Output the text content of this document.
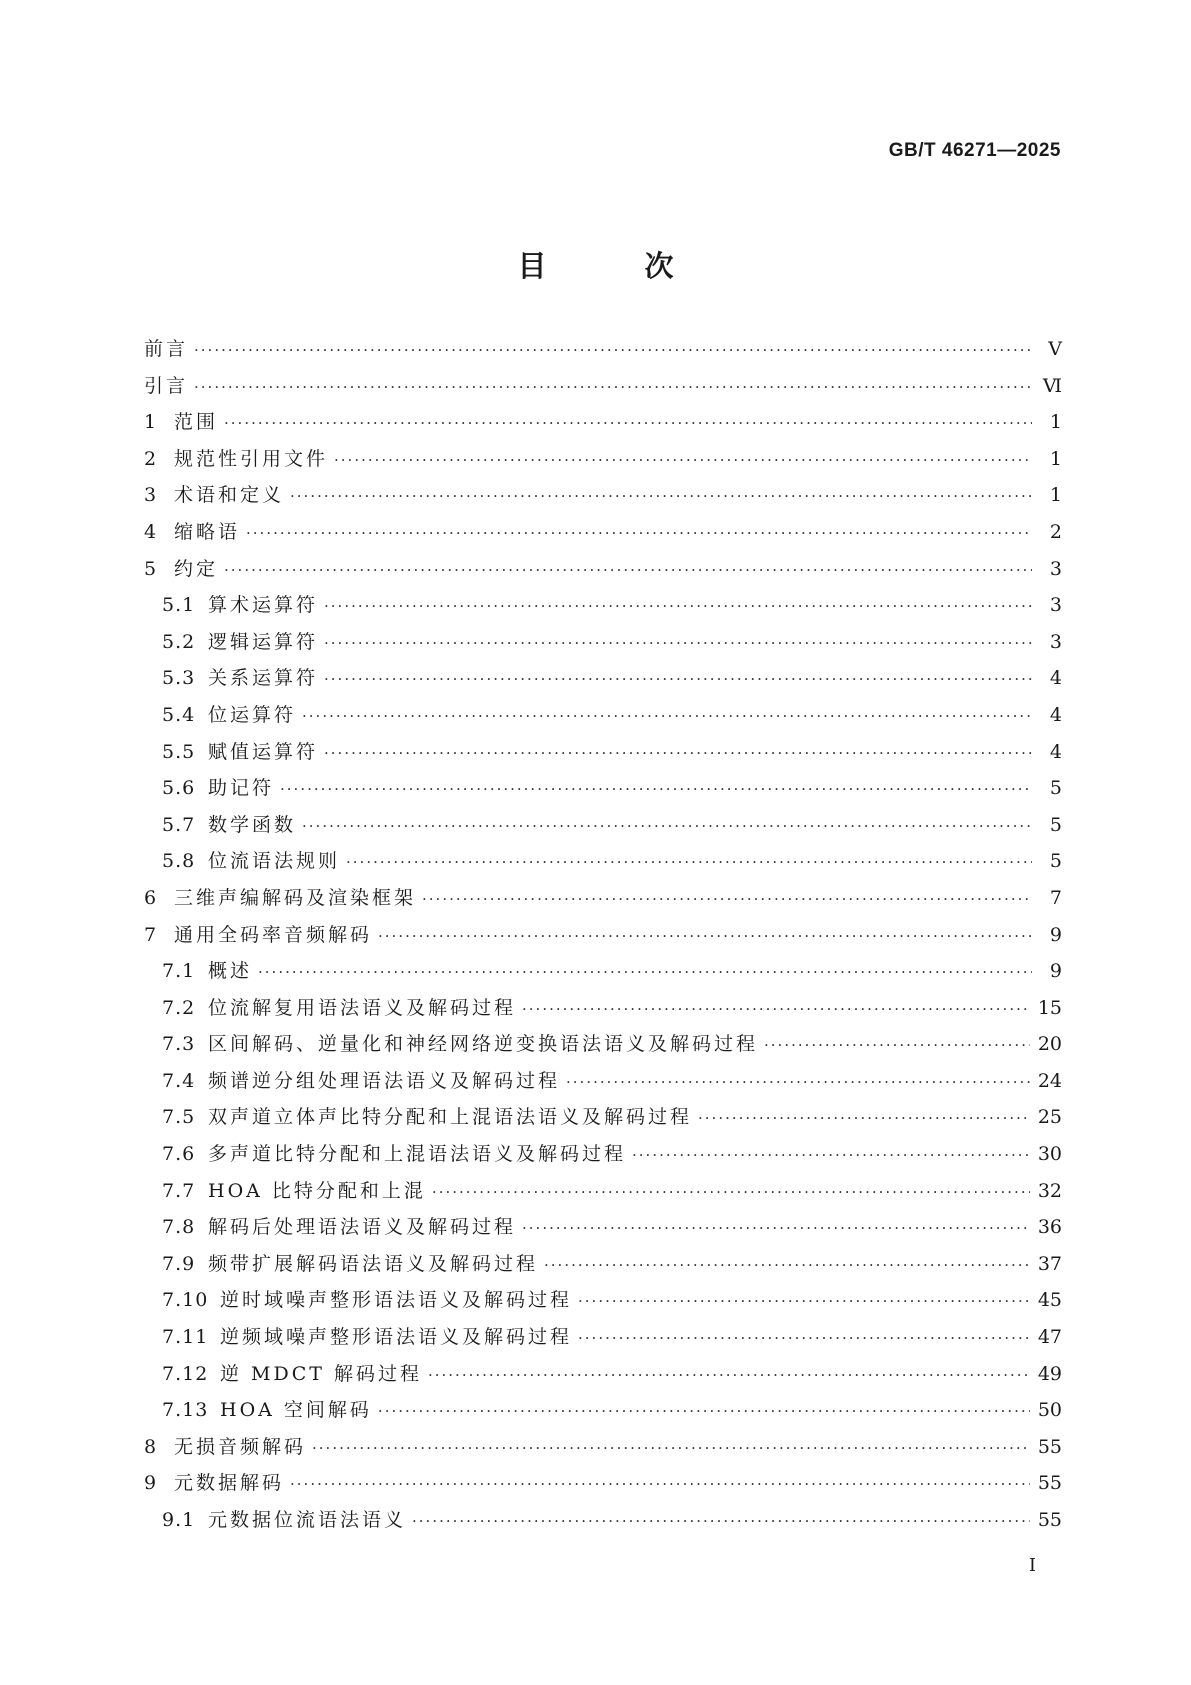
GB/T 46271—2025
目 次
前言 ·····	Ⅴ
引言 ·····	Ⅵ
1 范围 ·····	1
2 规范性引用文件 ·····	1
3 术语和定义 ·····	1
4 缩略语 ·····	2
5 约定 ·····	3
5.1 算术运算符 ·····	3
5.2 逻辑运算符 ·····	3
5.3 关系运算符 ·····	4
5.4 位运算符 ·····	4
5.5 赋值运算符 ·····	4
5.6 助记符 ·····	5
5.7 数学函数 ·····	5
5.8 位流语法规则 ·····	5
6 三维声编解码及渲染框架 ·····	7
7 通用全码率音频解码 ·····	9
7.1 概述 ·····	9
7.2 位流解复用语法语义及解码过程 ·····	15
7.3 区间解码、逆量化和神经网络逆变换语法语义及解码过程 ·····	20
7.4 频谱逆分组处理语法语义及解码过程 ·····	24
7.5 双声道立体声比特分配和上混语法语义及解码过程 ·····	25
7.6 多声道比特分配和上混语法语义及解码过程 ·····	30
7.7 HOA 比特分配和上混 ·····	32
7.8 解码后处理语法语义及解码过程 ·····	36
7.9 频带扩展解码语法语义及解码过程 ·····	37
7.10 逆时域噪声整形语法语义及解码过程 ·····	45
7.11 逆频域噪声整形语法语义及解码过程 ·····	47
7.12 逆 MDCT 解码过程 ·····	49
7.13 HOA 空间解码 ·····	50
8 无损音频解码 ·····	55
9 元数据解码 ·····	55
9.1 元数据位流语法语义 ·····	55
Ⅰ
